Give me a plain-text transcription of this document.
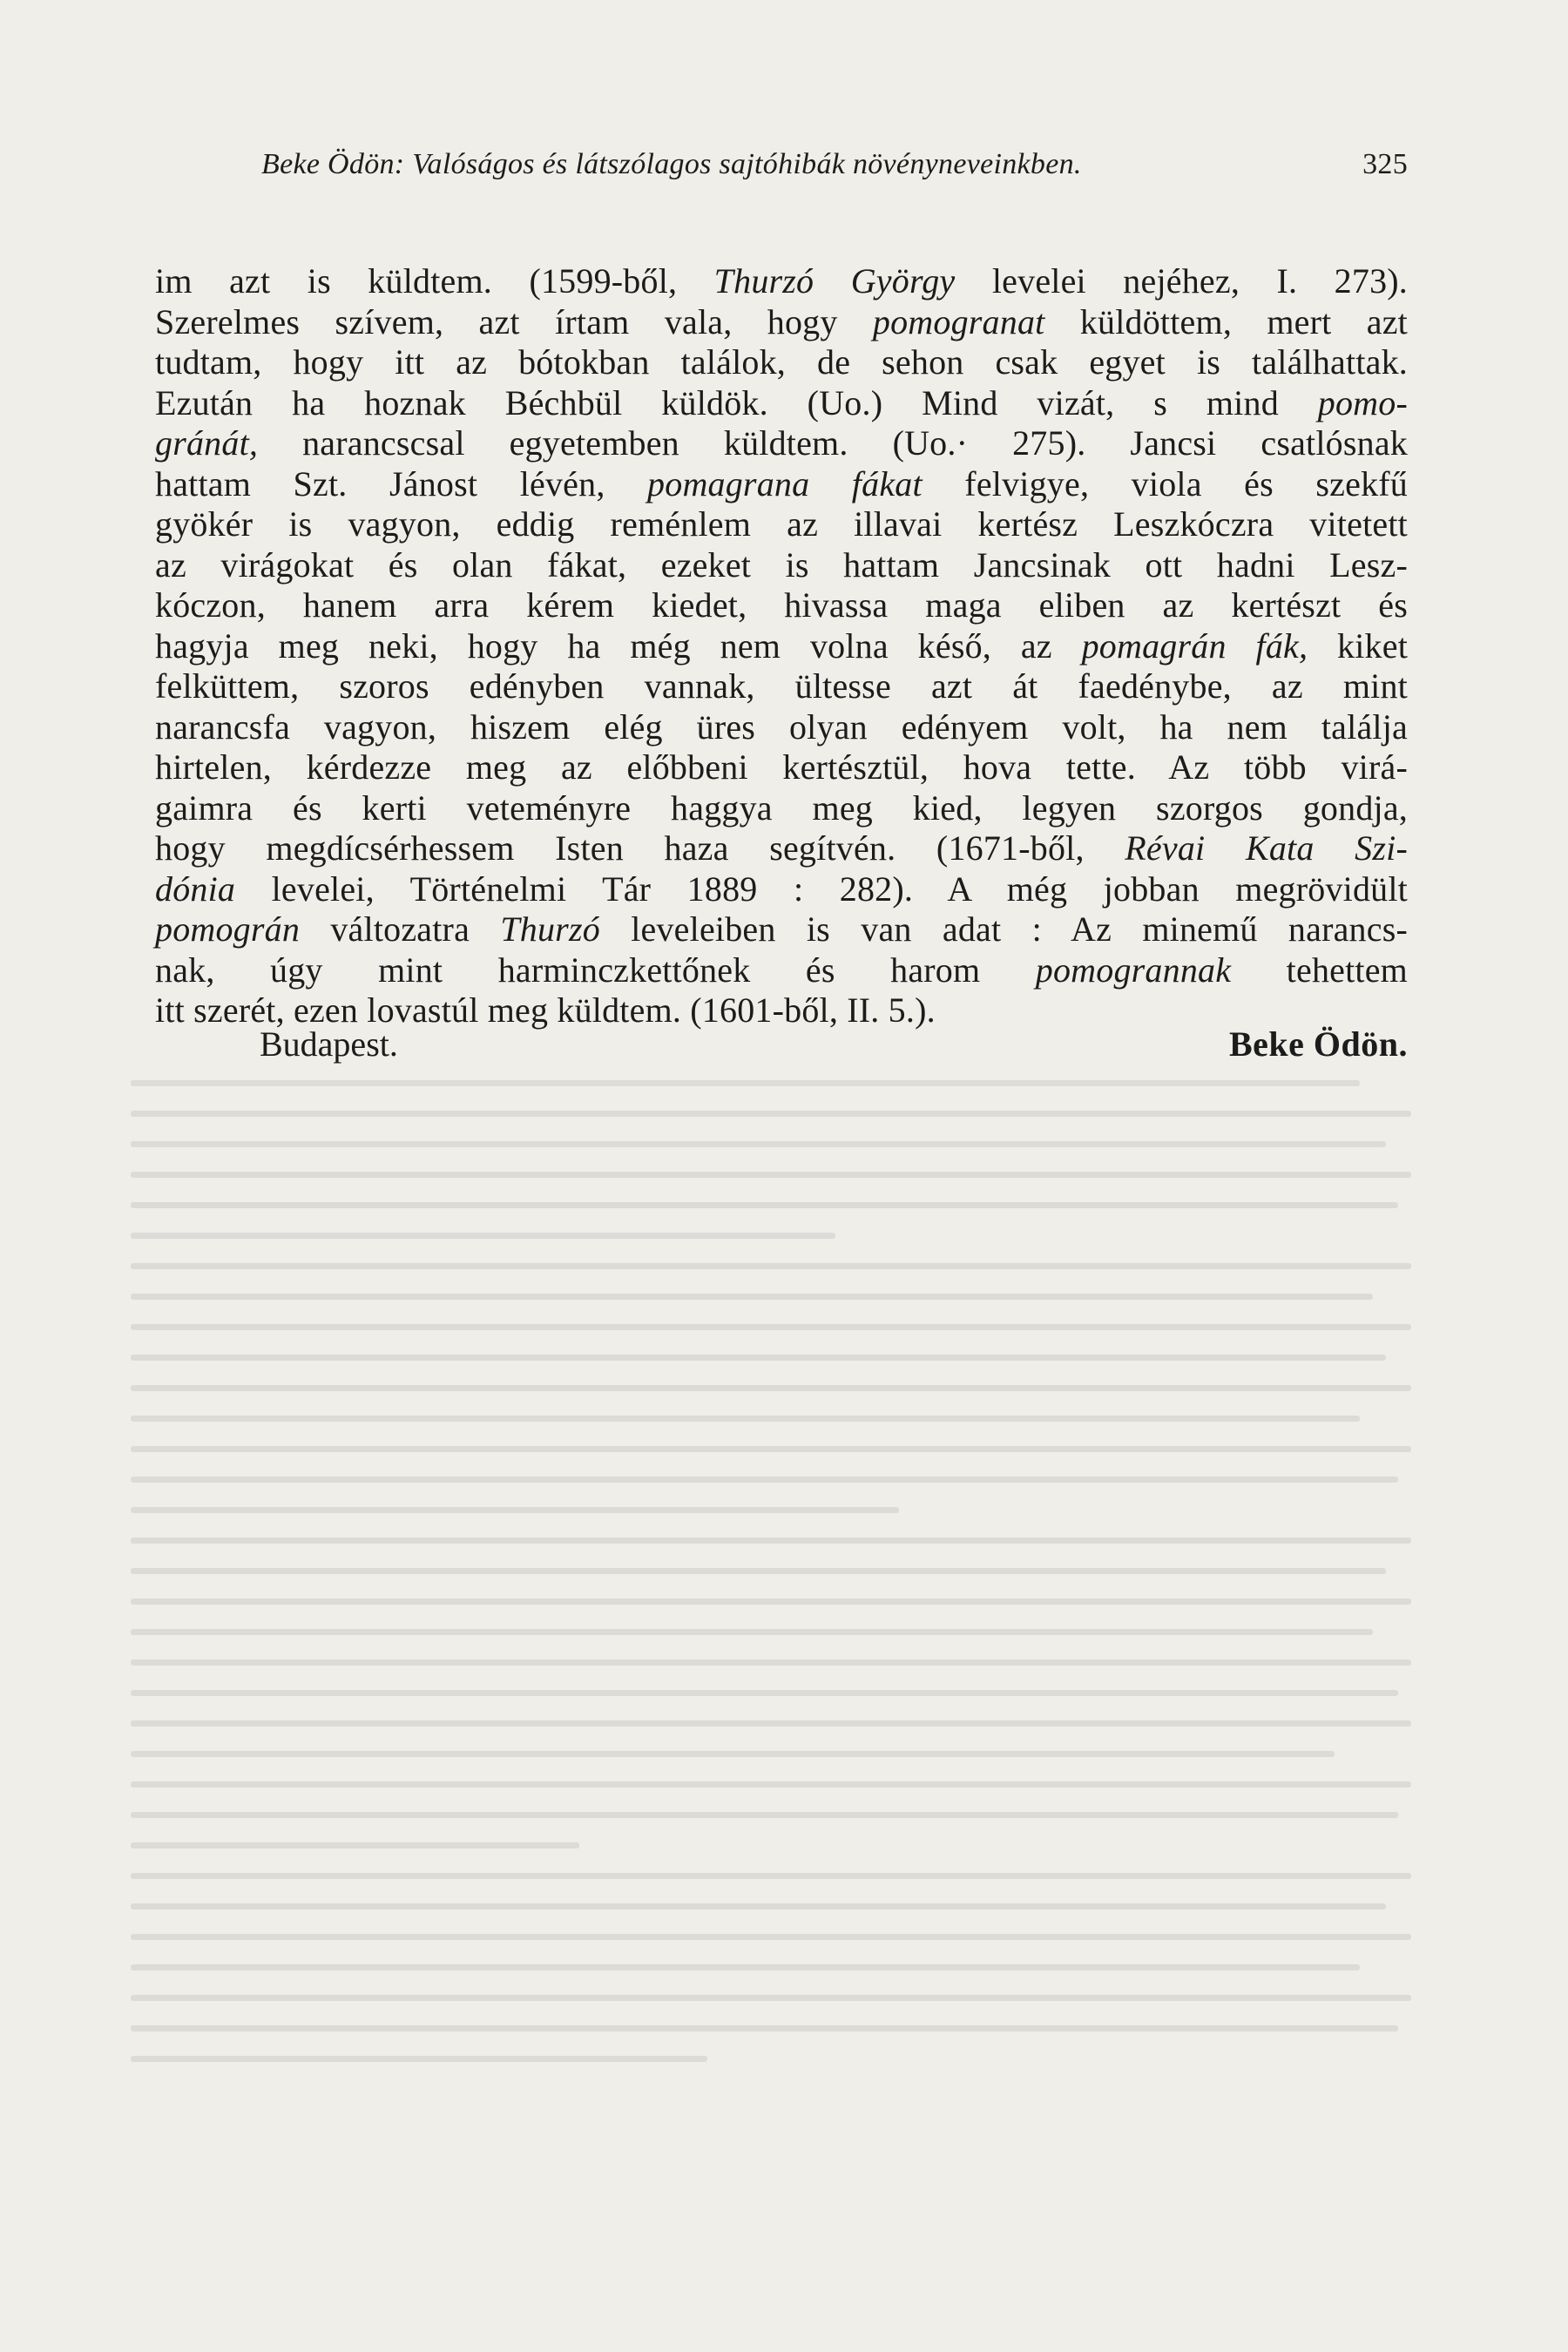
Beke Ödön: Valóságos és látszólagos sajtóhibák növényneveinkben.	325
im azt is küldtem. (1599-ből, Thurzó György levelei nejéhez, I. 273).
Szerelmes szívem, azt írtam vala, hogy pomogranat küldöttem, mert azt
tudtam, hogy itt az bótokban találok, de sehon csak egyet is találhattak.
Ezután ha hoznak Béchbül küldök. (Uo.) Mind vizát, s mind pomo-
gránát, narancscsal egyetemben küldtem. (Uo.· 275). Jancsi csatlósnak
hattam Szt. Jánost lévén, pomagrana fákat felvigye, viola és szekfű
gyökér is vagyon, eddig reménlem az illavai kertész Leszkóczra vitetett
az virágokat és olan fákat, ezeket is hattam Jancsinak ott hadni Lesz-
kóczon, hanem arra kérem kiedet, hivassa maga eliben az kertészt és
hagyja meg neki, hogy ha még nem volna késő, az pomagrán fák, kiket
felküttem, szoros edényben vannak, ültesse azt át faedénybe, az mint
narancsfa vagyon, hiszem elég üres olyan edényem volt, ha nem találja
hirtelen, kérdezze meg az előbbeni kertésztül, hova tette. Az több virá-
gaimra és kerti veteményre haggya meg kied, legyen szorgos gondja,
hogy megdícsérhessem Isten haza segítvén. (1671-ből, Révai Kata Szi-
dónia levelei, Történelmi Tár 1889 : 282). A még jobban megrövidült
pomográn változatra Thurzó leveleiben is van adat : Az minemű narancs-
nak, úgy mint harminczkettőnek és harom pomogrannak tehettem
itt szerét, ezen lovastúl meg küldtem. (1601-ből, II. 5.).
Budapest.	Beke Ödön.
